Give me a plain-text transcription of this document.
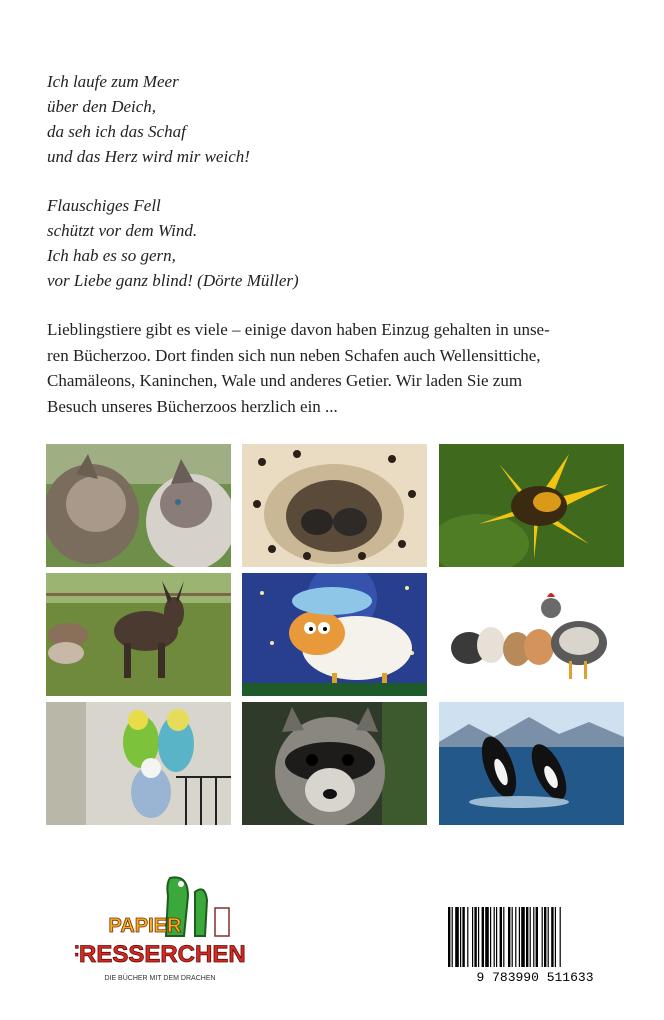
Ich laufe zum Meer
über den Deich,
da seh ich das Schaf
und das Herz wird mir weich!
Flauschiges Fell
schützt vor dem Wind.
Ich hab es so gern,
vor Liebe ganz blind! (Dörte Müller)
Lieblingstiere gibt es viele – einige davon haben Einzug gehalten in unse-
ren Bücherzoo. Dort finden sich nun neben Schafen auch Wellensittiche,
Chamäleons, Kaninchen, Wale und anderes Getier. Wir laden Sie zum
Besuch unseres Bücherzoos herzlich ein ...
PAPIER
FRESSERCHEN
DIE BÜCHER MIT DEM DRACHEN	9 783990 511633
